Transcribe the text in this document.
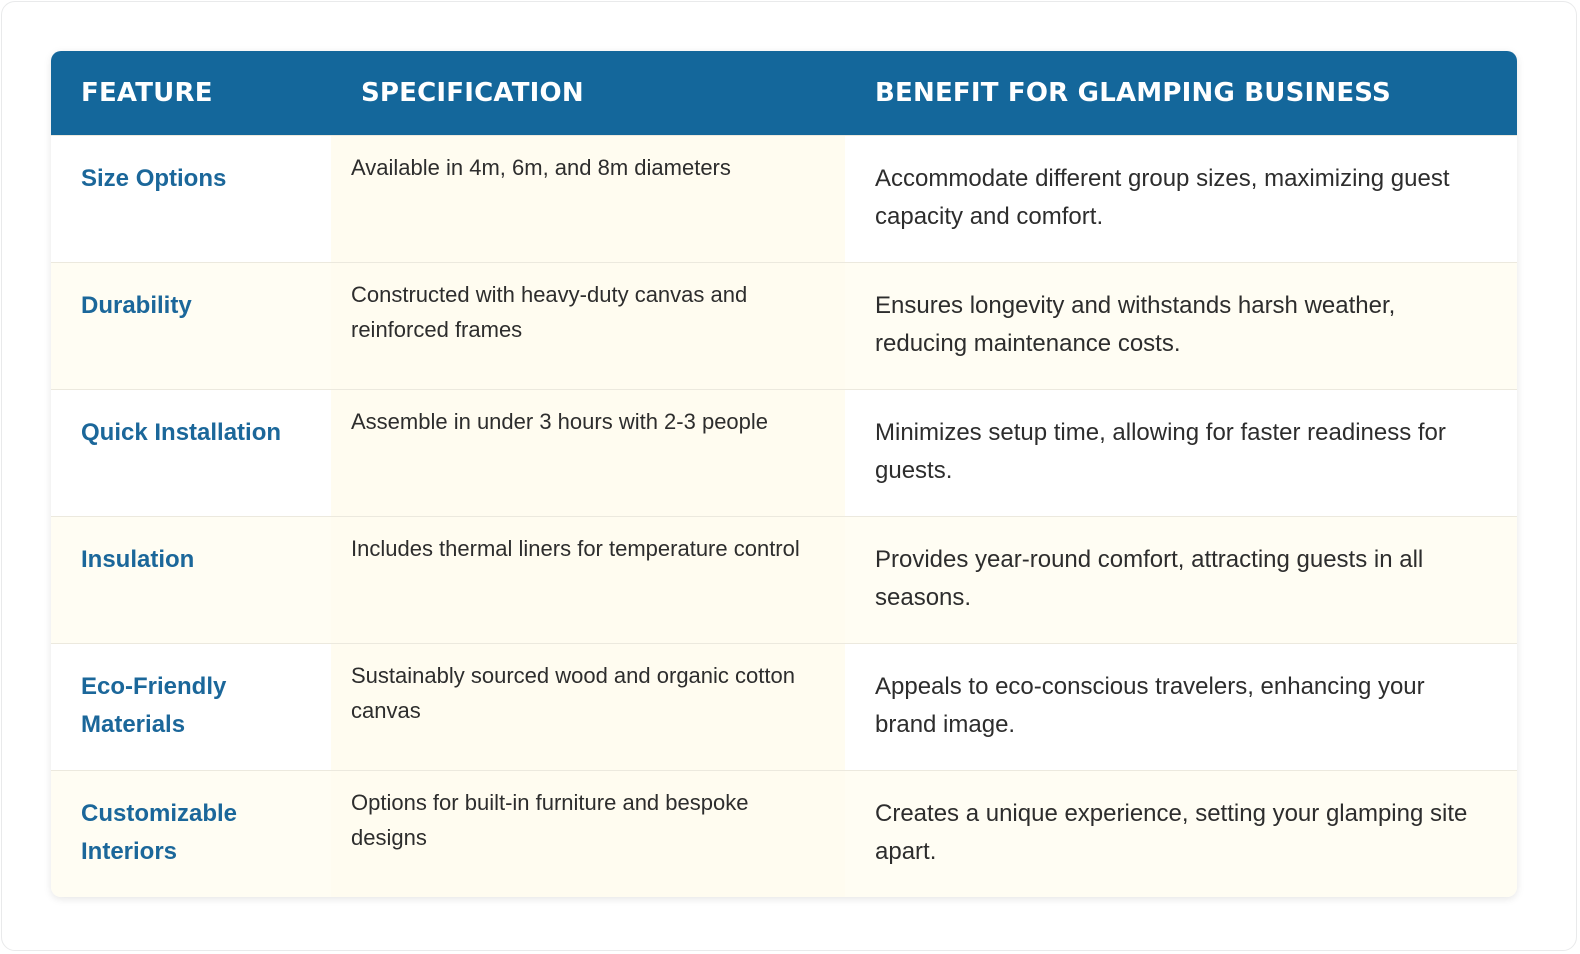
FEATURE	SPECIFICATION	BENEFIT FOR GLAMPING BUSINESS
Size Options	Available in 4m, 6m, and 8m diameters	Accommodate different group sizes, maximizing guest capacity and comfort.
Durability	Constructed with heavy-duty canvas and reinforced frames	Ensures longevity and withstands harsh weather, reducing maintenance costs.
Quick Installation	Assemble in under 3 hours with 2-3 people	Minimizes setup time, allowing for faster readiness for guests.
Insulation	Includes thermal liners for temperature control	Provides year-round comfort, attracting guests in all seasons.
Eco-Friendly Materials	Sustainably sourced wood and organic cotton canvas	Appeals to eco-conscious travelers, enhancing your brand image.
Customizable Interiors	Options for built-in furniture and bespoke designs	Creates a unique experience, setting your glamping site apart.
